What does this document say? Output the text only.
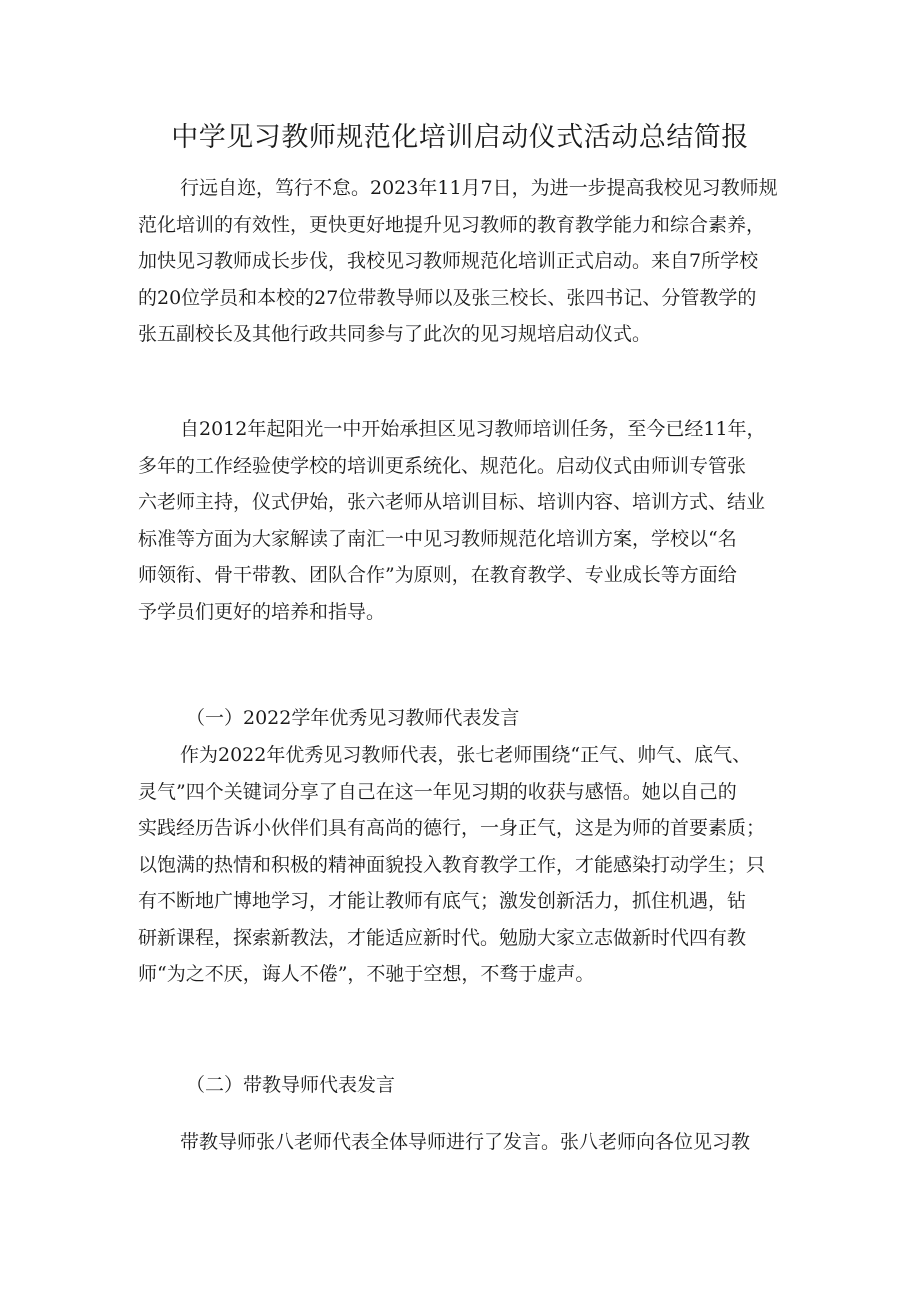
中学见习教师规范化培训启动仪式活动总结简报
行远自迩，笃行不怠。2023年11月7日，为进一步提高我校见习教师规
范化培训的有效性，更快更好地提升见习教师的教育教学能力和综合素养，
加快见习教师成长步伐，我校见习教师规范化培训正式启动。来自7所学校
的20位学员和本校的27位带教导师以及张三校长、张四书记、分管教学的
张五副校长及其他行政共同参与了此次的见习规培启动仪式。
自2012年起阳光一中开始承担区见习教师培训任务，至今已经11年，
多年的工作经验使学校的培训更系统化、规范化。启动仪式由师训专管张
六老师主持，仪式伊始，张六老师从培训目标、培训内容、培训方式、结业
标准等方面为大家解读了南汇一中见习教师规范化培训方案，学校以“名
师领衔、骨干带教、团队合作”为原则，在教育教学、专业成长等方面给
予学员们更好的培养和指导。
（一）2022学年优秀见习教师代表发言
作为2022年优秀见习教师代表，张七老师围绕“正气、帅气、底气、
灵气”四个关键词分享了自己在这一年见习期的收获与感悟。她以自己的
实践经历告诉小伙伴们具有高尚的德行，一身正气，这是为师的首要素质；
以饱满的热情和积极的精神面貌投入教育教学工作，才能感染打动学生；只
有不断地广博地学习，才能让教师有底气；激发创新活力，抓住机遇，钻
研新课程，探索新教法，才能适应新时代。勉励大家立志做新时代四有教
师“为之不厌，诲人不倦”，不驰于空想，不骛于虚声。
（二）带教导师代表发言
带教导师张八老师代表全体导师进行了发言。张八老师向各位见习教
